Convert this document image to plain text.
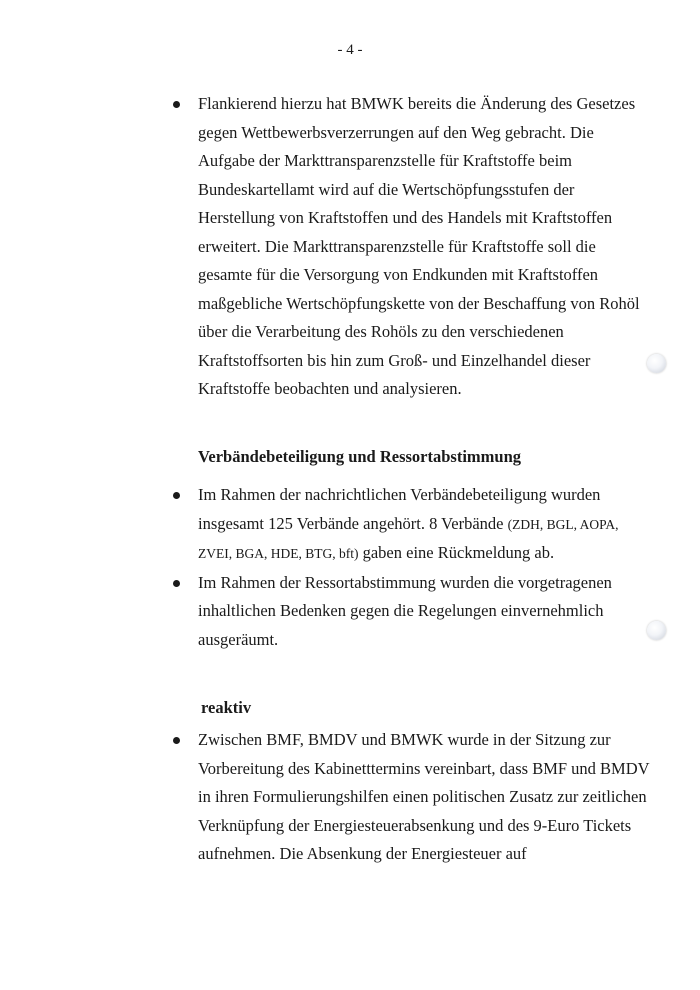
- 4 -
Flankierend hierzu hat BMWK bereits die Änderung des Gesetzes gegen Wettbewerbsverzerrungen auf den Weg gebracht. Die Aufgabe der Markttransparenzstelle für Kraftstoffe beim Bundeskartellamt wird auf die Wertschöpfungsstufen der Herstellung von Kraftstoffen und des Handels mit Kraftstoffen erweitert. Die Markttransparenzstelle für Kraftstoffe soll die gesamte für die Versorgung von Endkunden mit Kraftstoffen maßgebliche Wertschöpfungskette von der Beschaffung von Rohöl über die Verarbeitung des Rohöls zu den verschiedenen Kraftstoffsorten bis hin zum Groß- und Einzelhandel dieser Kraftstoffe beobachten und analysieren.
Verbändebeteiligung und Ressortabstimmung
Im Rahmen der nachrichtlichen Verbändebeteiligung wurden insgesamt 125 Verbände angehört. 8 Verbände (ZDH, BGL, AOPA, ZVEI, BGA, HDE, BTG, bft) gaben eine Rückmeldung ab.
Im Rahmen der Ressortabstimmung wurden die vorgetragenen inhaltlichen Bedenken gegen die Regelungen einvernehmlich ausgeräumt.
reaktiv
Zwischen BMF, BMDV und BMWK wurde in der Sitzung zur Vorbereitung des Kabinetttermins vereinbart, dass BMF und BMDV in ihren Formulierungshilfen einen politischen Zusatz zur zeitlichen Verknüpfung der Energiesteuerabsenkung und des 9-Euro Tickets aufnehmen. Die Absenkung der Energiesteuer auf
